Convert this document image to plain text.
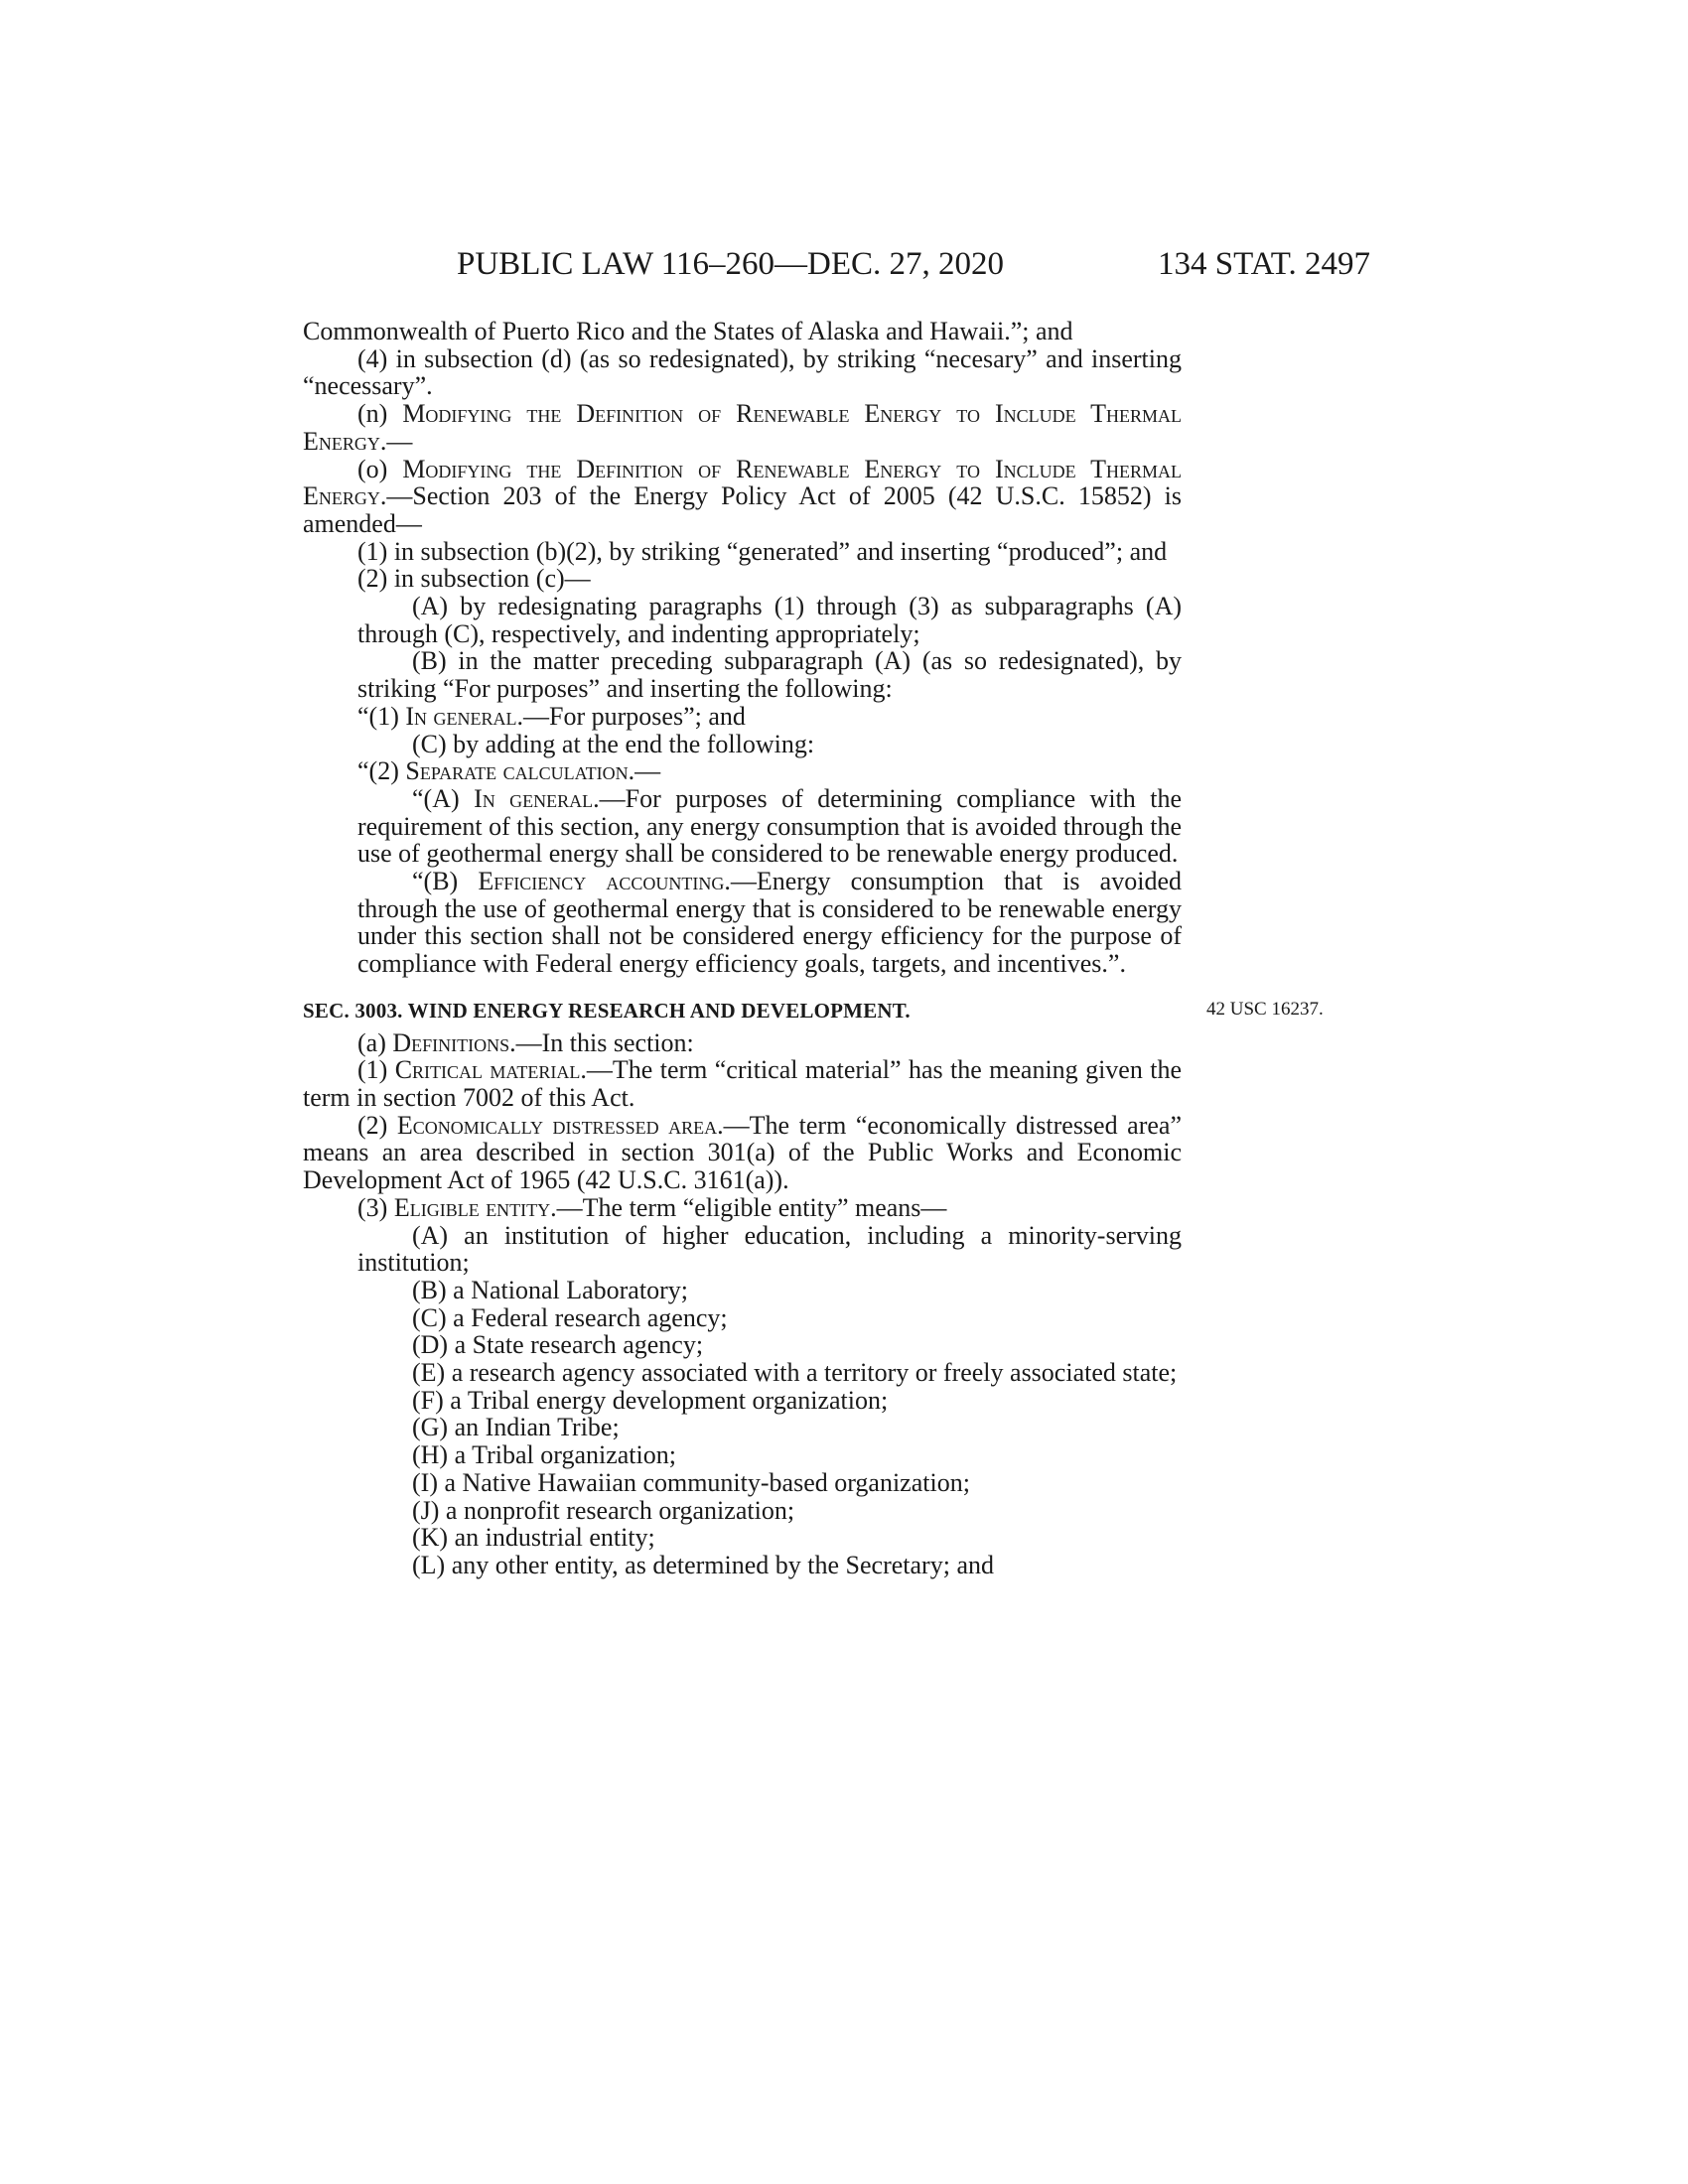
PUBLIC LAW 116–260—DEC. 27, 2020	134 STAT. 2497

Commonwealth of Puerto Rico and the States of Alaska and Hawaii.”; and

(4) in subsection (d) (as so redesignated), by striking “necesary” and inserting “necessary”.

(n) Modifying the Definition of Renewable Energy to Include Thermal Energy.—

(o) Modifying the Definition of Renewable Energy to Include Thermal Energy.—Section 203 of the Energy Policy Act of 2005 (42 U.S.C. 15852) is amended—

(1) in subsection (b)(2), by striking “generated” and inserting “produced”; and

(2) in subsection (c)—

(A) by redesignating paragraphs (1) through (3) as subparagraphs (A) through (C), respectively, and indenting appropriately;

(B) in the matter preceding subparagraph (A) (as so redesignated), by striking “For purposes” and inserting the following:

“(1) In general.—For purposes”; and

(C) by adding at the end the following:

“(2) Separate calculation.—

“(A) In general.—For purposes of determining compliance with the requirement of this section, any energy consumption that is avoided through the use of geothermal energy shall be considered to be renewable energy produced.

“(B) Efficiency accounting.—Energy consumption that is avoided through the use of geothermal energy that is considered to be renewable energy under this section shall not be considered energy efficiency for the purpose of compliance with Federal energy efficiency goals, targets, and incentives.”.

SEC. 3003. WIND ENERGY RESEARCH AND DEVELOPMENT.

(a) Definitions.—In this section:

(1) Critical material.—The term “critical material” has the meaning given the term in section 7002 of this Act.

(2) Economically distressed area.—The term “economically distressed area” means an area described in section 301(a) of the Public Works and Economic Development Act of 1965 (42 U.S.C. 3161(a)).

(3) Eligible entity.—The term “eligible entity” means—

(A) an institution of higher education, including a minority-serving institution;

(B) a National Laboratory;

(C) a Federal research agency;

(D) a State research agency;

(E) a research agency associated with a territory or freely associated state;

(F) a Tribal energy development organization;

(G) an Indian Tribe;

(H) a Tribal organization;

(I) a Native Hawaiian community-based organization;

(J) a nonprofit research organization;

(K) an industrial entity;

(L) any other entity, as determined by the Secretary; and

42 USC 16237.
